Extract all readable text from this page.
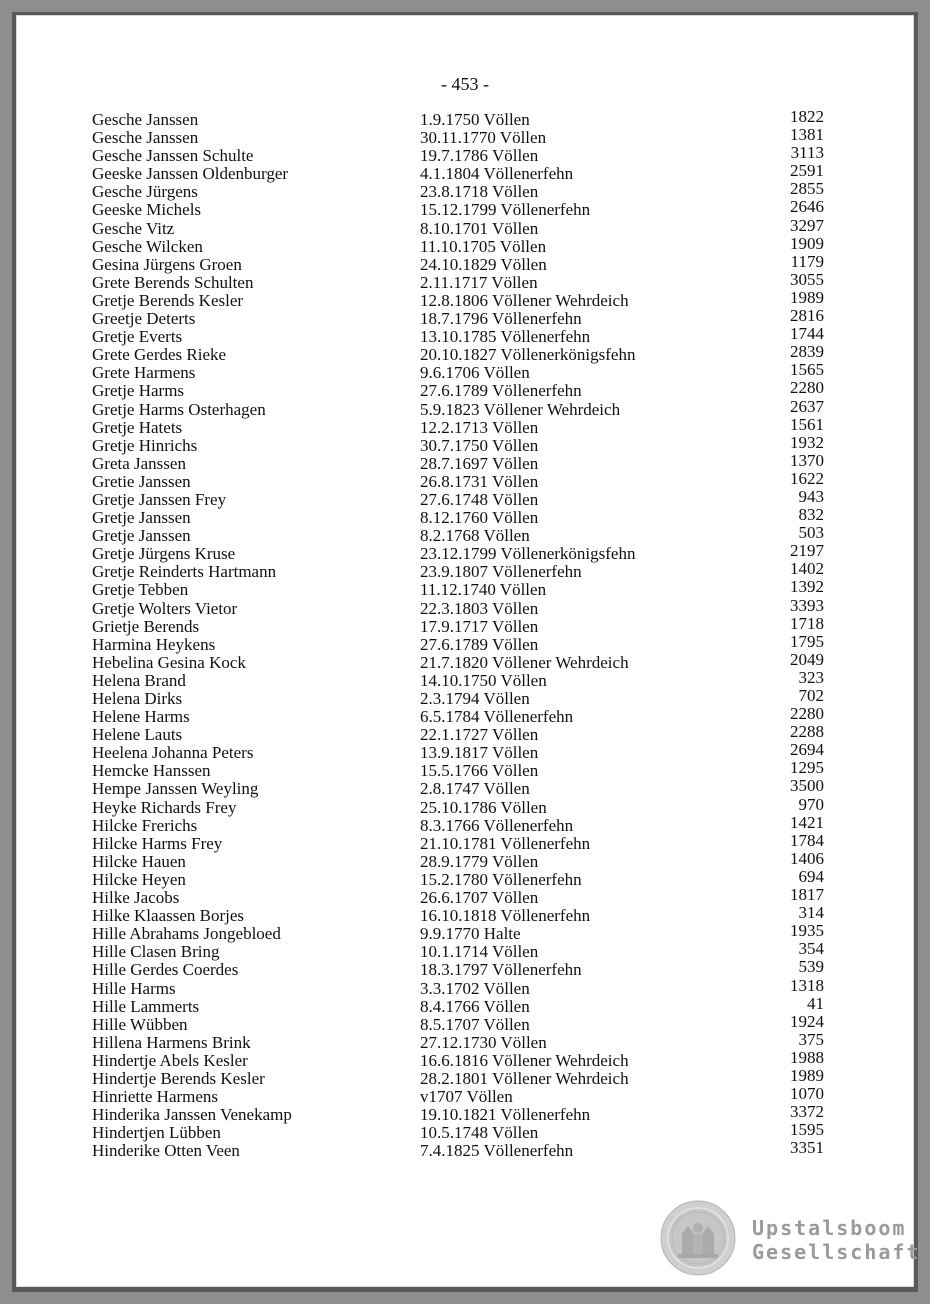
- 453 -
Gesche Janssen	1.9.1750 Völlen	1822
Gesche Janssen	30.11.1770 Völlen	1381
Gesche Janssen Schulte	19.7.1786 Völlen	3113
Geeske Janssen Oldenburger	4.1.1804 Völlenerfehn	2591
Gesche Jürgens	23.8.1718 Völlen	2855
Geeske Michels	15.12.1799 Völlenerfehn	2646
Gesche Vitz	8.10.1701 Völlen	3297
Gesche Wilcken	11.10.1705 Völlen	1909
Gesina Jürgens Groen	24.10.1829 Völlen	1179
Grete Berends Schulten	2.11.1717 Völlen	3055
Gretje Berends Kesler	12.8.1806 Völlener Wehrdeich	1989
Greetje Deterts	18.7.1796 Völlenerfehn	2816
Gretje Everts	13.10.1785 Völlenerfehn	1744
Grete Gerdes Rieke	20.10.1827 Völlenerkönigsfehn	2839
Grete Harmens	9.6.1706 Völlen	1565
Gretje Harms	27.6.1789 Völlenerfehn	2280
Gretje Harms Osterhagen	5.9.1823 Völlener Wehrdeich	2637
Gretje Hatets	12.2.1713 Völlen	1561
Gretje Hinrichs	30.7.1750 Völlen	1932
Greta Janssen	28.7.1697 Völlen	1370
Gretie Janssen	26.8.1731 Völlen	1622
Gretje Janssen Frey	27.6.1748 Völlen	943
Gretje Janssen	8.12.1760 Völlen	832
Gretje Janssen	8.2.1768 Völlen	503
Gretje Jürgens Kruse	23.12.1799 Völlenerkönigsfehn	2197
Gretje Reinderts Hartmann	23.9.1807 Völlenerfehn	1402
Gretje Tebben	11.12.1740 Völlen	1392
Gretje Wolters Vietor	22.3.1803 Völlen	3393
Grietje Berends	17.9.1717 Völlen	1718
Harmina Heykens	27.6.1789 Völlen	1795
Hebelina Gesina Kock	21.7.1820 Völlener Wehrdeich	2049
Helena Brand	14.10.1750 Völlen	323
Helena Dirks	2.3.1794 Völlen	702
Helene Harms	6.5.1784 Völlenerfehn	2280
Helene Lauts	22.1.1727 Völlen	2288
Heelena Johanna Peters	13.9.1817 Völlen	2694
Hemcke Hanssen	15.5.1766 Völlen	1295
Hempe Janssen Weyling	2.8.1747 Völlen	3500
Heyke Richards Frey	25.10.1786 Völlen	970
Hilcke Frerichs	8.3.1766 Völlenerfehn	1421
Hilcke Harms Frey	21.10.1781 Völlenerfehn	1784
Hilcke Hauen	28.9.1779 Völlen	1406
Hilcke Heyen	15.2.1780 Völlenerfehn	694
Hilke Jacobs	26.6.1707 Völlen	1817
Hilke Klaassen Borjes	16.10.1818 Völlenerfehn	314
Hille Abrahams Jongebloed	9.9.1770 Halte	1935
Hille Clasen Bring	10.1.1714 Völlen	354
Hille Gerdes Coerdes	18.3.1797 Völlenerfehn	539
Hille Harms	3.3.1702 Völlen	1318
Hille Lammerts	8.4.1766 Völlen	41
Hille Wübben	8.5.1707 Völlen	1924
Hillena Harmens Brink	27.12.1730 Völlen	375
Hindertje Abels Kesler	16.6.1816 Völlener Wehrdeich	1988
Hindertje Berends Kesler	28.2.1801 Völlener Wehrdeich	1989
Hinriette Harmens	v1707 Völlen	1070
Hinderika Janssen Venekamp	19.10.1821 Völlenerfehn	3372
Hindertjen Lübben	10.5.1748 Völlen	1595
Hinderike Otten Veen	7.4.1825 Völlenerfehn	3351
Upstalsboom
Gesellschaft
